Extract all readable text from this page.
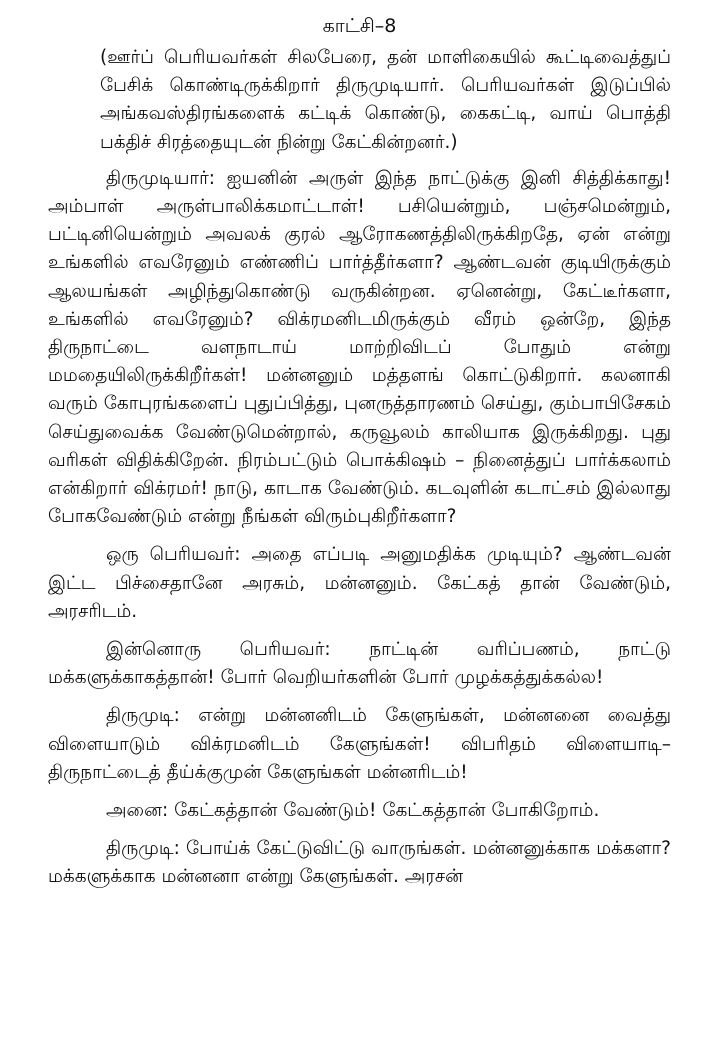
காட்சி–8
(ஊர்ப் பெரியவர்கள் சிலபேரை, தன் மாளிகையில் கூட்டிவைத்துப் பேசிக் கொண்டிருக்கிறார் திருமுடியார். பெரியவர்கள் இடுப்பில் அங்கவஸ்திரங்களைக் கட்டிக் கொண்டு, கைகட்டி, வாய் பொத்தி பக்திச் சிரத்தையுடன் நின்று கேட்கின்றனர்.)
திருமுடியார்: ஐயனின் அருள் இந்த நாட்டுக்கு இனி சித்திக்காது! அம்பாள் அருள்பாலிக்கமாட்டாள்! பசியென்றும், பஞ்சமென்றும், பட்டினியென்றும் அவலக் குரல் ஆரோகணத்திலிருக்கிறதே, ஏன் என்று உங்களில் எவரேனும் எண்ணிப் பார்த்தீர்களா? ஆண்டவன் குடியிருக்கும் ஆலயங்கள் அழிந்துகொண்டு வருகின்றன. ஏனென்று, கேட்டீர்களா, உங்களில் எவரேனும்? விக்ரமனிடமிருக்கும் வீரம் ஒன்றே, இந்த திருநாட்டை வளநாடாய் மாற்றிவிடப் போதும் என்று மமதையிலிருக்கிறீர்கள்! மன்னனும் மத்தளங் கொட்டுகிறார். கலனாகி வரும் கோபுரங்களைப் புதுப்பித்து, புனருத்தாரணம் செய்து, கும்பாபிசேகம் செய்துவைக்க வேண்டுமென்றால், கருவூலம் காலியாக இருக்கிறது. புது வரிகள் விதிக்கிறேன். நிரம்பட்டும் பொக்கிஷம் – நினைத்துப் பார்க்கலாம் என்கிறார் விக்ரமர்! நாடு, காடாக வேண்டும். கடவுளின் கடாட்சம் இல்லாது போகவேண்டும் என்று நீங்கள் விரும்புகிறீர்களா?
ஒரு பெரியவர்: அதை எப்படி அனுமதிக்க முடியும்? ஆண்டவன் இட்ட பிச்சைதானே அரசும், மன்னனும். கேட்கத் தான் வேண்டும், அரசரிடம்.
இன்னொரு பெரியவர்: நாட்டின் வரிப்பணம், நாட்டு மக்களுக்காகத்தான்! போர் வெறியர்களின் போர் முழக்கத்துக்கல்ல!
திருமுடி: என்று மன்னனிடம் கேளுங்கள், மன்னனை வைத்து விளையாடும் விக்ரமனிடம் கேளுங்கள்! விபரிதம் விளையாடி–திருநாட்டைத் தீய்க்குமுன் கேளுங்கள் மன்னரிடம்!
அனை: கேட்கத்தான் வேண்டும்! கேட்கத்தான் போகிறோம்.
திருமுடி: போய்க் கேட்டுவிட்டு வாருங்கள். மன்னனுக்காக மக்களா? மக்களுக்காக மன்னனா என்று கேளுங்கள். அரசன்
